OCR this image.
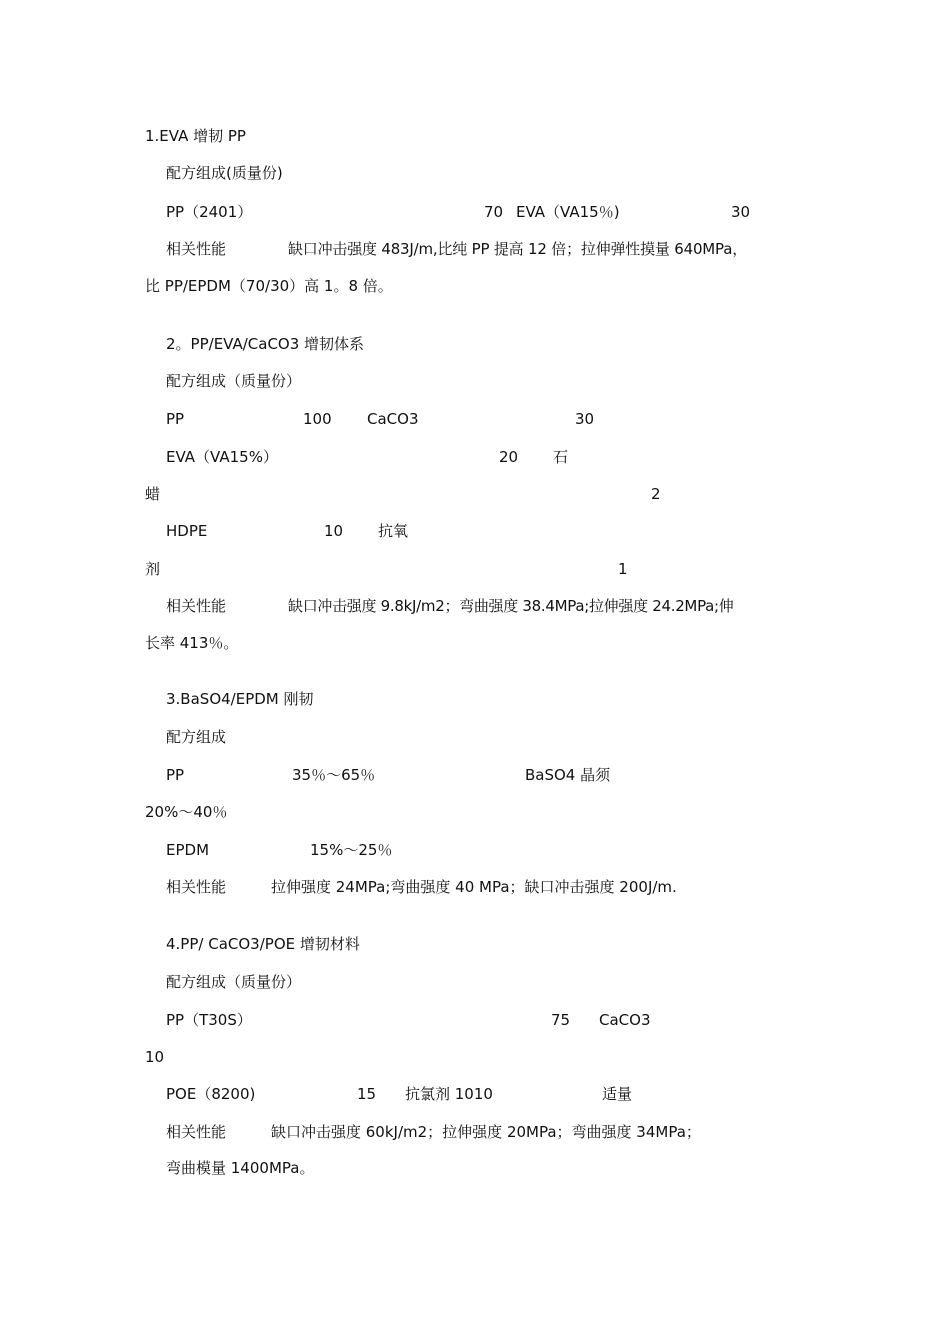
1.EVA 增韧 PP
配方组成(质量份)
PP（2401）	70 EVA（VA15％)	30
相关性能	缺口冲击强度 483J/m,比纯 PP 提高 12 倍；拉伸弹性摸量 640MPa，
比 PP/EPDM（70/30）高 1。8 倍。
2。PP/EVA/CaCO3 增韧体系
配方组成（质量份）
PP	100 CaCO3	30
EVA（VA15%）	20 石
蜡	2
HDPE	10 抗氧
剂	1
相关性能	缺口冲击强度 9.8kJ/m2；弯曲强度 38.4MPa;拉伸强度 24.2MPa;伸
长率 413％。
3.BaSO4/EPDM 刚韧
配方组成
PP	35％～65％	BaSO4 晶须
20%～40％
EPDM	15%～25％
相关性能	拉伸强度 24MPa;弯曲强度 40 MPa；缺口冲击强度 200J/m.
4.PP/ CaCO3/POE 增韧材料
配方组成（质量份）
PP（T30S）	75 CaCO3
10
POE（8200)	15 抗氯剂 1010	适量
相关性能	缺口冲击强度 60kJ/m2；拉伸强度 20MPa；弯曲强度 34MPa；
弯曲模量 1400MPa。
